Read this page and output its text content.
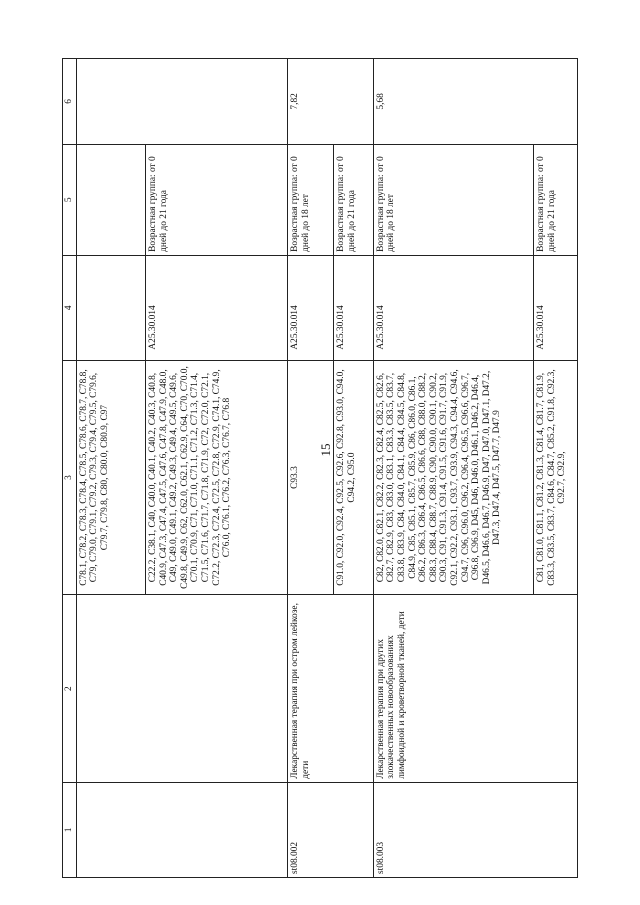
15
1	2	3	4	5	6
		С78.1, С78.2, С78.3, С78.4, С78.5, С78.6, С78.7, С78.8, С79, С79.0, С79.1, С79.2, С79.3, С79.4, С79.5, С79.6, С79.7, С79.8, С80, С80.0, С80.9, С97			
		С22.2, С38.1, С40, С40.0, С40.1, С40.2, С40.3, С40.8, С40.9, С47.3, С47.4, С47.5, С47.6, С47.8, С47.9, С48.0, С49, С49.0, С49.1, С49.2, С49.3, С49.4, С49.5, С49.6, С49.8, С49.9, С62, С62.0, С62.1, С62.9, С64, С70, С70.0, С70.1, С70.9, С71, С71.0, С71.1, С71.2, С71.3, С71.4, С71.5, С71.6, С71.7, С71.8, С71.9, С72, С72.0, С72.1, С72.2, С72.3, С72.4, С72.5, С72.8, С72.9, С74.1, С74.9, С76.0, С76.1, С76.2, С76.3, С76.7, С76.8	A25.30.014	Возрастная группа: от 0 дней до 21 года	
st08.002	Лекарственная терапия при остром лейкозе, дети	С93.3	A25.30.014	Возрастная группа: от 0 дней до 18 лет	7,82
		С91.0, С92.0, С92.4, С92.5, С92.6, С92.8, С93.0, С94.0, С94.2, С95.0	A25.30.014	Возрастная группа: от 0 дней до 21 года	
st08.003	Лекарственная терапия при других злокачественных новообразованиях лимфоидной и кроветворной тканей, дети	С82, С82.0, С82.1, С82.2, С82.3, С82.4, С82.5, С82.6, С82.7, С82.9, С83, С83.0, С83.1, С83.3, С83.5, С83.7, С83.8, С83.9, С84, С84.0, С84.1, С84.4, С84.5, С84.8, С84.9, С85, С85.1, С85.7, С85.9, С86, С86.0, С86.1, С86.2, С86.3, С86.4, С86.5, С86.6, С88, С88.0, С88.2, С88.3, С88.4, С88.7, С88.9, С90, С90.0, С90.1, С90.2, С90.3, С91, С91.3, С91.4, С91.5, С91.6, С91.7, С91.9, С92.1, С92.2, С93.1, С93.7, С93.9, С94.3, С94.4, С94.6, С94.7, С96, С96.0, С96.2, С96.4, С96.5, С96.6, С96.7, С96.8, С96.9, D45, D46, D46.0, D46.1, D46.2, D46.4, D46.5, D46.6, D46.7, D46.9, D47, D47.0, D47.1, D47.2, D47.3, D47.4, D47.5, D47.7, D47.9	A25.30.014	Возрастная группа: от 0 дней до 18 лет	5,68
		С81, С81.0, С81.1, С81.2, С81.3, С81.4, С81.7, С81.9, С83.3, С83.5, С83.7, С84.6, С84.7, С85.2, С91.8, С92.3, С92.7, С92.9,	A25.30.014	Возрастная группа: от 0 дней до 21 года	
